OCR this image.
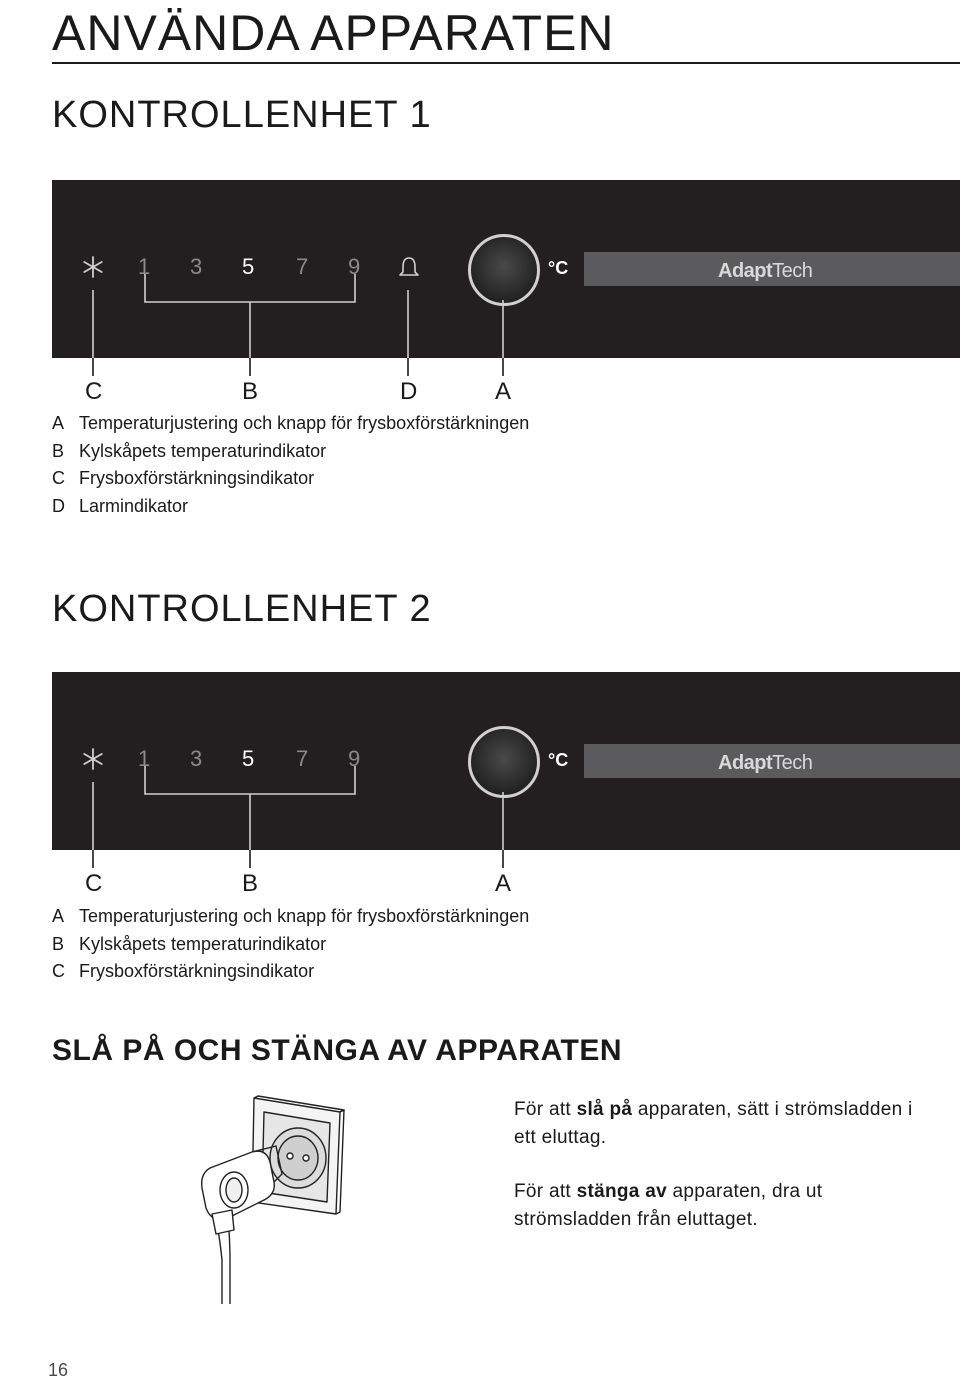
ANVÄNDA APPARATEN
KONTROLLENHET 1
1 3 5 7 9	°C	AdaptTech
C	B	D	A
A Temperaturjustering och knapp för frysboxförstärkningen
B Kylskåpets temperaturindikator
C Frysboxförstärkningsindikator
D Larmindikator
KONTROLLENHET 2
1 3 5 7 9	°C	AdaptTech
C	B	A
A Temperaturjustering och knapp för frysboxförstärkningen
B Kylskåpets temperaturindikator
C Frysboxförstärkningsindikator
SLÅ PÅ OCH STÄNGA AV APPARATEN

För att slå på apparaten, sätt i strömsladden i ett eluttag.

För att stänga av apparaten, dra ut strömsladden från eluttaget.

16
